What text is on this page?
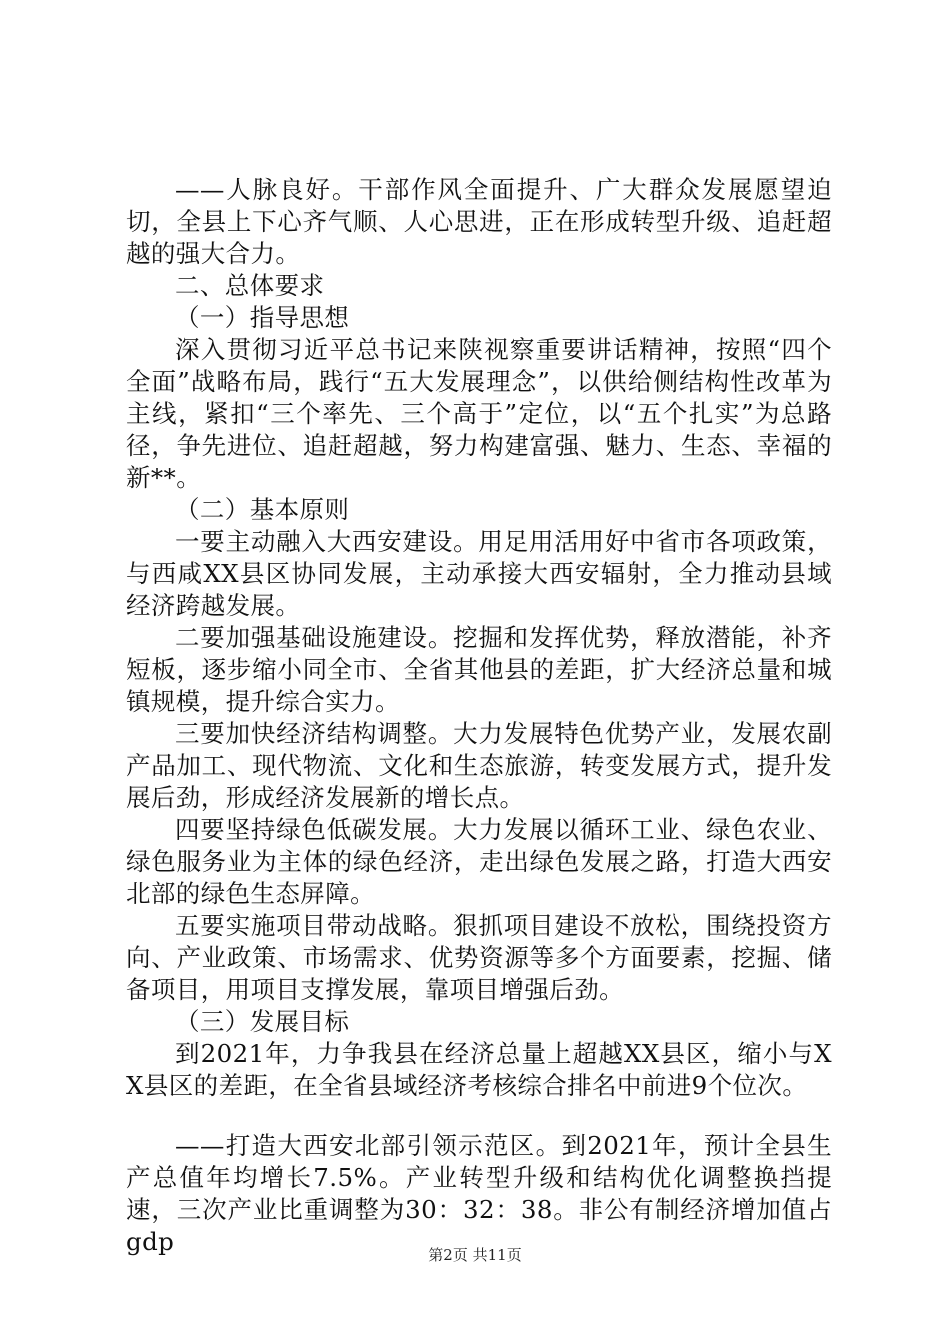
——人脉良好。干部作风全面提升、广大群众发展愿望迫切，全县上下心齐气顺、人心思进，正在形成转型升级、追赶超越的强大合力。

二、总体要求

（一）指导思想

深入贯彻习近平总书记来陕视察重要讲话精神，按照“四个全面”战略布局，践行“五大发展理念”，以供给侧结构性改革为主线，紧扣“三个率先、三个高于”定位，以“五个扎实”为总路径，争先进位、追赶超越，努力构建富强、魅力、生态、幸福的新**。

（二）基本原则

一要主动融入大西安建设。用足用活用好中省市各项政策，与西咸XX县区协同发展，主动承接大西安辐射，全力推动县域经济跨越发展。

二要加强基础设施建设。挖掘和发挥优势，释放潜能，补齐短板，逐步缩小同全市、全省其他县的差距，扩大经济总量和城镇规模，提升综合实力。

三要加快经济结构调整。大力发展特色优势产业，发展农副产品加工、现代物流、文化和生态旅游，转变发展方式，提升发展后劲，形成经济发展新的增长点。

四要坚持绿色低碳发展。大力发展以循环工业、绿色农业、绿色服务业为主体的绿色经济，走出绿色发展之路，打造大西安北部的绿色生态屏障。

五要实施项目带动战略。狠抓项目建设不放松，围绕投资方向、产业政策、市场需求、优势资源等多个方面要素，挖掘、储备项目，用项目支撑发展，靠项目增强后劲。

（三）发展目标

到2021年，力争我县在经济总量上超越XX县区，缩小与XX县区的差距，在全省县域经济考核综合排名中前进9个位次。

——打造大西安北部引领示范区。到2021年，预计全县生产总值年均增长7.5%。产业转型升级和结构优化调整换挡提速，三次产业比重调整为30：32：38。非公有制经济增加值占gdp	第2页 共11页
